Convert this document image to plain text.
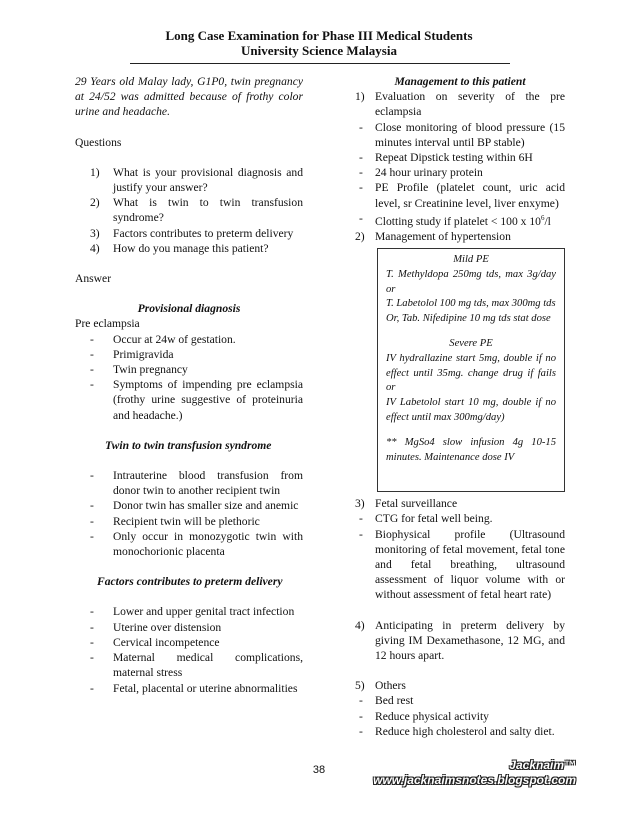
Long Case Examination for Phase III Medical Students
University Science Malaysia

29 Years old Malay lady, G1P0, twin pregnancy at 24/52 was admitted because of frothy color urine and headache.

Questions

1) What is your provisional diagnosis and justify your answer?
2) What is twin to twin transfusion syndrome?
3) Factors contributes to preterm delivery
4) How do you manage this patient?

Answer

Provisional diagnosis

Pre eclampsia

- Occur at 24w of gestation.
- Primigravida
- Twin pregnancy
- Symptoms of impending pre eclampsia (frothy urine suggestive of proteinuria and headache.)

Twin to twin transfusion syndrome

- Intrauterine blood transfusion from donor twin to another recipient twin
- Donor twin has smaller size and anemic
- Recipient twin will be plethoric
- Only occur in monozygotic twin with monochorionic placenta

Factors contributes to preterm delivery

- Lower and upper genital tract infection
- Uterine over distension
- Cervical incompetence
- Maternal medical complications, maternal stress
- Fetal, placental or uterine abnormalities

Management to this patient

1) Evaluation on severity of the pre eclampsia
- Close monitoring of blood pressure (15 minutes interval until BP stable)
- Repeat Dipstick testing within 6H
- 24 hour urinary protein
- PE Profile (platelet count, uric acid level, sr Creatinine level, liver enxyme)
- Clotting study if platelet < 100 x $10^6/l$
2) Management of hypertension
Mild PE
T. Methyldopa 250mg tds, max 3g/day or
T. Labetolol 100 mg tds, max 300mg tds
Or, Tab. Nifedipine 10 mg tds stat dose
Severe PE
IV hydrallazine start 5mg, double if no effect until 35mg. change drug if fails or
IV Labetolol start 10 mg, double if no effect until max 300mg/day)
** MgSo4 slow infusion 4g 10-15 minutes. Maintenance dose IV
3) Fetal surveillance
- CTG for fetal well being.
- Biophysical profile (Ultrasound monitoring of fetal movement, fetal tone and fetal breathing, ultrasound assessment of liquor volume with or without assessment of fetal heart rate)
4) Anticipating in preterm delivery by giving IM Dexamethasone, 12 MG, and 12 hours apart.
5) Others
- Bed rest
- Reduce physical activity
- Reduce high cholesterol and salty diet.
38	Jacknaim™
www.jacknaimsnotes.blogspot.com
